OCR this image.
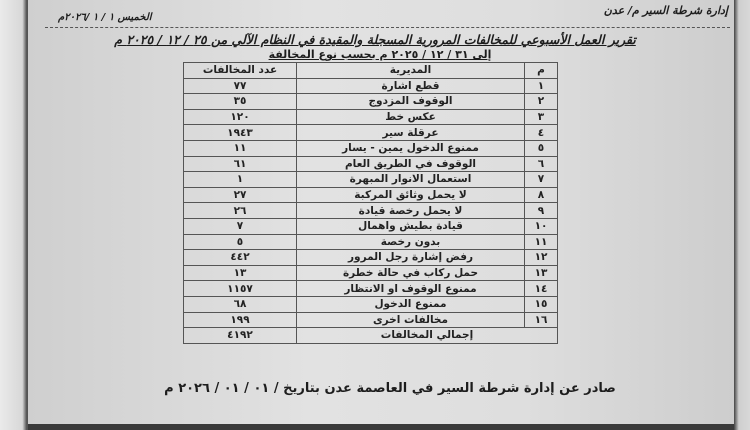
إدارة شرطة السير م/ عدن
الخميس ١ / ١ /٢٠٢٦م
تقرير العمل الأسبوعي للمخالفات المرورية المسجلة والمقيدة في النظام الآلي من ٢٥ / ١٢ / ٢٠٢٥ م
إلى ٣١ / ١٢ / ٢٠٢٥ م بحسب نوع المخالفة
م	المديرية	عدد المخالفات
١	قطع اشارة	٧٧
٢	الوقوف المزدوج	٣٥
٣	عكس خط	١٢٠
٤	عرقلة سير	١٩٤٣
٥	ممنوع الدخول يمين - يسار	١١
٦	الوقوف في الطريق العام	٦١
٧	استعمال الانوار المبهرة	١
٨	لا يحمل وثائق المركبة	٢٧
٩	لا يحمل رخصة قيادة	٢٦
١٠	قيادة بطيش واهمال	٧
١١	بدون رخصة	٥
١٢	رفض إشارة رجل المرور	٤٤٢
١٣	حمل ركاب في حالة خطرة	١٣
١٤	ممنوع الوقوف او الانتظار	١١٥٧
١٥	ممنوع الدخول	٦٨
١٦	مخالفات اخرى	١٩٩
إجمالي المخالفات		٤١٩٢
صادر عن إدارة شرطة السير في العاصمة عدن بتاريخ / ٠١ / ٠١ / ٢٠٢٦ م
